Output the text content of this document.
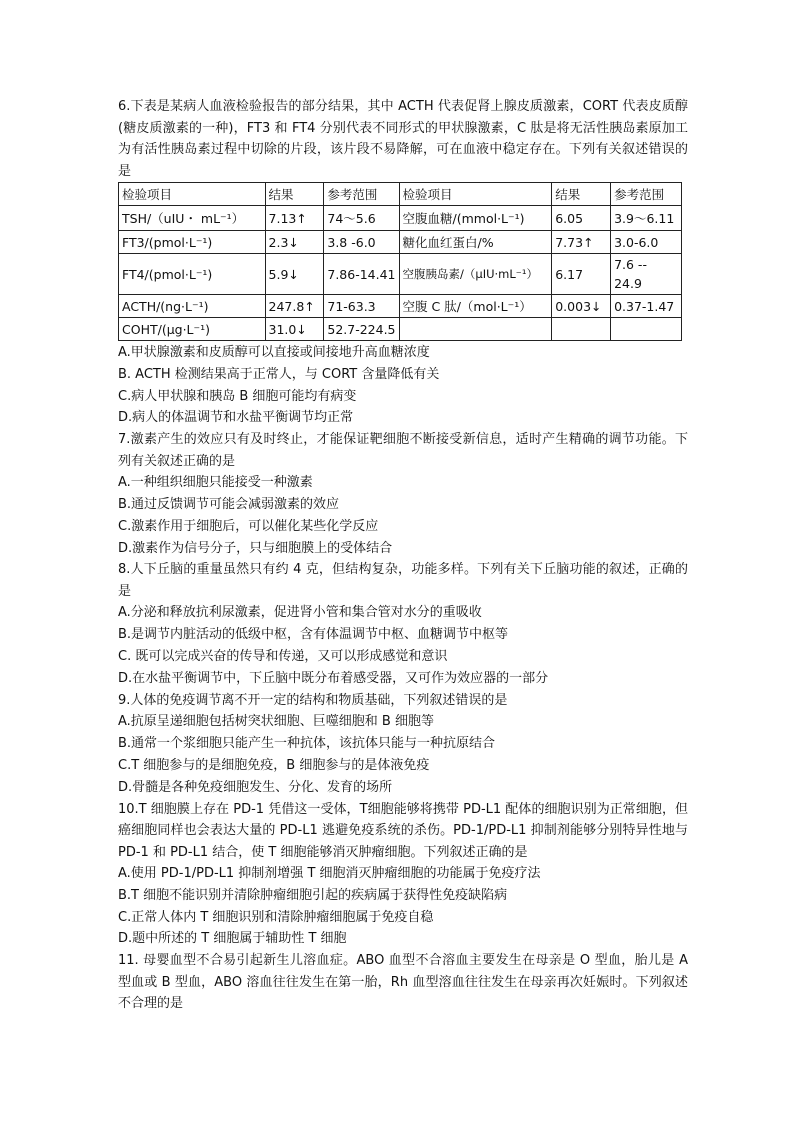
6.下表是某病人血液检验报告的部分结果，其中 ACTH 代表促肾上腺皮质激素，CORT 代表皮质醇(糖皮质激素的一种)，FT3 和 FT4 分别代表不同形式的甲状腺激素，C 肽是将无活性胰岛素原加工为有活性胰岛素过程中切除的片段，该片段不易降解，可在血液中稳定存在。下列有关叙述错误的是

检验项目	结果	参考范围	检验项目	结果	参考范围
TSH/（uIU・ mL⁻¹）	7.13↑	74～5.6	空腹血糖/(mmol·L⁻¹)	6.05	3.9～6.11
FT3/(pmol·L⁻¹)	2.3↓	3.8 -6.0	糖化血红蛋白/%	7.73↑	3.0-6.0
FT4/(pmol·L⁻¹)	5.9↓	7.86-14.41	空腹胰岛素/（μIU·mL⁻¹）	6.17	7.6 -- 24.9
ACTH/(ng·L⁻¹)	247.8↑	71-63.3	空腹 C 肽/（mol·L⁻¹）	0.003↓	0.37-1.47
COHT/(μg·L⁻¹)	31.0↓	52.7-224.5			

A.甲状腺激素和皮质醇可以直接或间接地升高血糖浓度

B. ACTH 检测结果高于正常人，与 CORT 含量降低有关

C.病人甲状腺和胰岛 B 细胞可能均有病变

D.病人的体温调节和水盐平衡调节均正常

7.激素产生的效应只有及时终止，才能保证靶细胞不断接受新信息，适时产生精确的调节功能。下列有关叙述正确的是

A.一种组织细胞只能接受一种激素

B.通过反馈调节可能会减弱激素的效应

C.激素作用于细胞后，可以催化某些化学反应

D.激素作为信号分子，只与细胞膜上的受体结合

8.人下丘脑的重量虽然只有约 4 克，但结构复杂，功能多样。下列有关下丘脑功能的叙述，正确的是

A.分泌和释放抗利尿激素，促进肾小管和集合管对水分的重吸收

B.是调节内脏活动的低级中枢，含有体温调节中枢、血糖调节中枢等

C. 既可以完成兴奋的传导和传递，又可以形成感觉和意识

D.在水盐平衡调节中，下丘脑中既分布着感受器，又可作为效应器的一部分

9.人体的免疫调节离不开一定的结构和物质基础，下列叙述错误的是

A.抗原呈递细胞包括树突状细胞、巨噬细胞和 B 细胞等

B.通常一个浆细胞只能产生一种抗体，该抗体只能与一种抗原结合

C.T 细胞参与的是细胞免疫，B 细胞参与的是体液免疫

D.骨髓是各种免疫细胞发生、分化、发育的场所

10.T 细胞膜上存在 PD-1 凭借这一受体，T细胞能够将携带 PD-L1 配体的细胞识别为正常细胞，但癌细胞同样也会表达大量的 PD-L1 逃避免疫系统的杀伤。PD-1/PD-L1 抑制剂能够分别特异性地与 PD-1 和 PD-L1 结合，使 T 细胞能够消灭肿瘤细胞。下列叙述正确的是

A.使用 PD-1/PD-L1 抑制剂增强 T 细胞消灭肿瘤细胞的功能属于免疫疗法

B.T 细胞不能识别并清除肿瘤细胞引起的疾病属于获得性免疫缺陷病

C.正常人体内 T 细胞识别和清除肿瘤细胞属于免疫自稳

D.题中所述的 T 细胞属于辅助性 T 细胞

11. 母婴血型不合易引起新生儿溶血症。ABO 血型不合溶血主要发生在母亲是 O 型血，胎儿是 A 型血或 B 型血，ABO 溶血往往发生在第一胎，Rh 血型溶血往往发生在母亲再次妊娠时。下列叙述不合理的是
